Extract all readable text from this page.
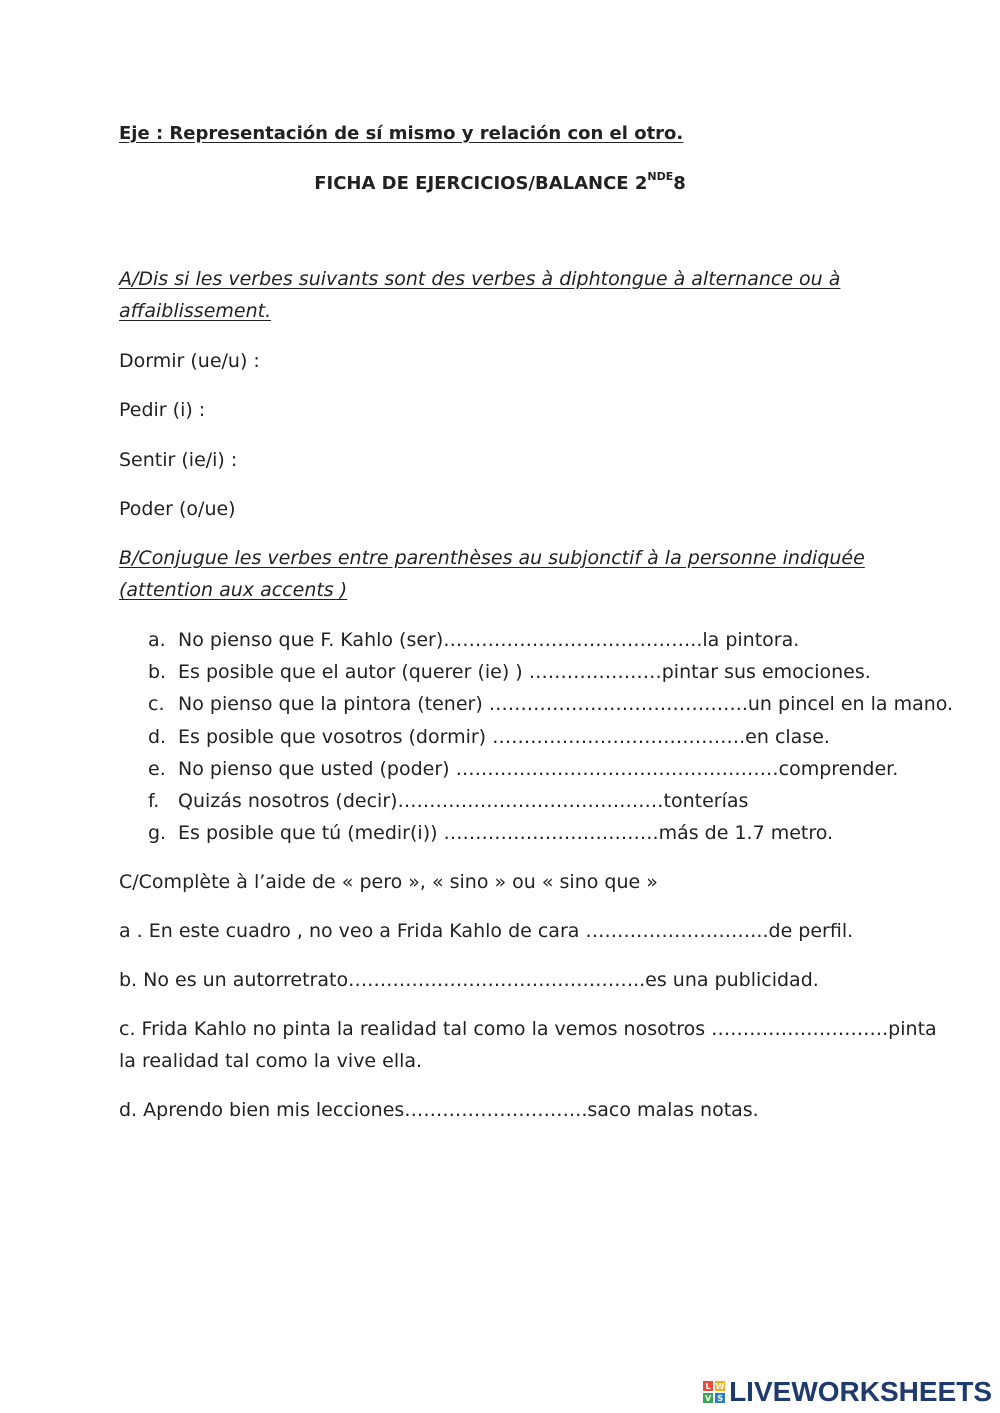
Eje : Representación de sí mismo y relación con el otro.
FICHA DE EJERCICIOS/BALANCE 2NDE8
A/Dis si les verbes suivants sont des verbes à diphtongue à alternance ou à
affaiblissement.
Dormir (ue/u) :
Pedir (i) :
Sentir (ie/i) :
Poder (o/ue)
B/Conjugue les verbes entre parenthèses au subjonctif à la personne indiquée
(attention aux accents )
a. No pienso que F. Kahlo (ser)…………………………………..la pintora.
b. Es posible que el autor (querer (ie) ) …………………pintar sus emociones.
c. No pienso que la pintora (tener) …………………………………..un pincel en la mano.
d. Es posible que vosotros (dormir) ………………………………….en clase.
e. No pienso que usted (poder) ……………………………………………comprender.
f. Quizás nosotros (decir)……………………………………tonterías
g. Es posible que tú (medir(i)) …………………………….más de 1.7 metro.
C/Complète à l’aide de « pero », « sino » ou « sino que »
a . En este cuadro , no veo a Frida Kahlo de cara ………………………..de perfil.
b. No es un autorretrato………………………………………..es una publicidad.
c. Frida Kahlo no pinta la realidad tal como la vemos nosotros ……………………….pinta
la realidad tal como la vive ella.
d. Aprendo bien mis lecciones………………………..saco malas notas.
L W
V S LIVEWORKSHEETS
